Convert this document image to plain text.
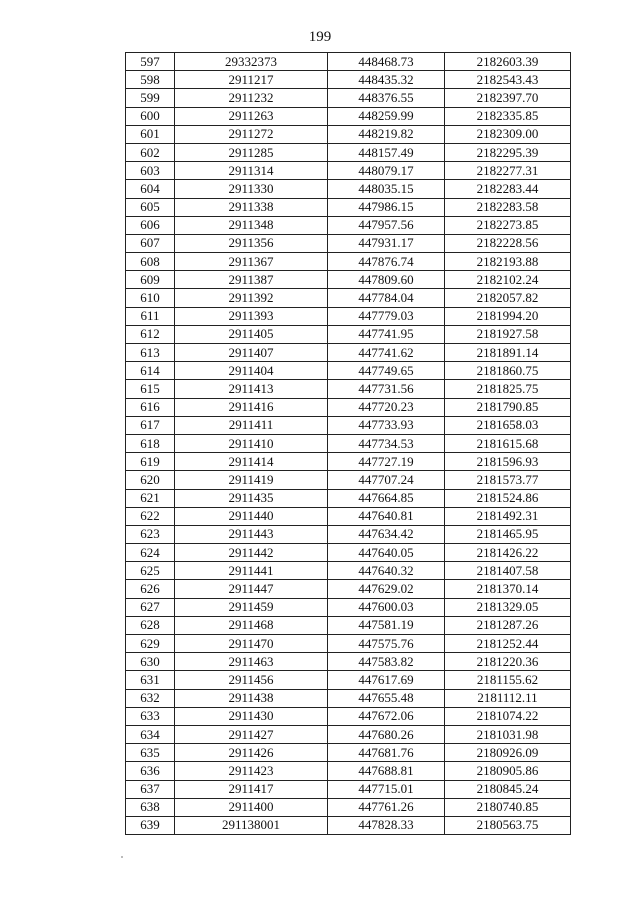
199
597	29332373	448468.73	2182603.39
598	2911217	448435.32	2182543.43
599	2911232	448376.55	2182397.70
600	2911263	448259.99	2182335.85
601	2911272	448219.82	2182309.00
602	2911285	448157.49	2182295.39
603	2911314	448079.17	2182277.31
604	2911330	448035.15	2182283.44
605	2911338	447986.15	2182283.58
606	2911348	447957.56	2182273.85
607	2911356	447931.17	2182228.56
608	2911367	447876.74	2182193.88
609	2911387	447809.60	2182102.24
610	2911392	447784.04	2182057.82
611	2911393	447779.03	2181994.20
612	2911405	447741.95	2181927.58
613	2911407	447741.62	2181891.14
614	2911404	447749.65	2181860.75
615	2911413	447731.56	2181825.75
616	2911416	447720.23	2181790.85
617	2911411	447733.93	2181658.03
618	2911410	447734.53	2181615.68
619	2911414	447727.19	2181596.93
620	2911419	447707.24	2181573.77
621	2911435	447664.85	2181524.86
622	2911440	447640.81	2181492.31
623	2911443	447634.42	2181465.95
624	2911442	447640.05	2181426.22
625	2911441	447640.32	2181407.58
626	2911447	447629.02	2181370.14
627	2911459	447600.03	2181329.05
628	2911468	447581.19	2181287.26
629	2911470	447575.76	2181252.44
630	2911463	447583.82	2181220.36
631	2911456	447617.69	2181155.62
632	2911438	447655.48	2181112.11
633	2911430	447672.06	2181074.22
634	2911427	447680.26	2181031.98
635	2911426	447681.76	2180926.09
636	2911423	447688.81	2180905.86
637	2911417	447715.01	2180845.24
638	2911400	447761.26	2180740.85
639	291138001	447828.33	2180563.75
